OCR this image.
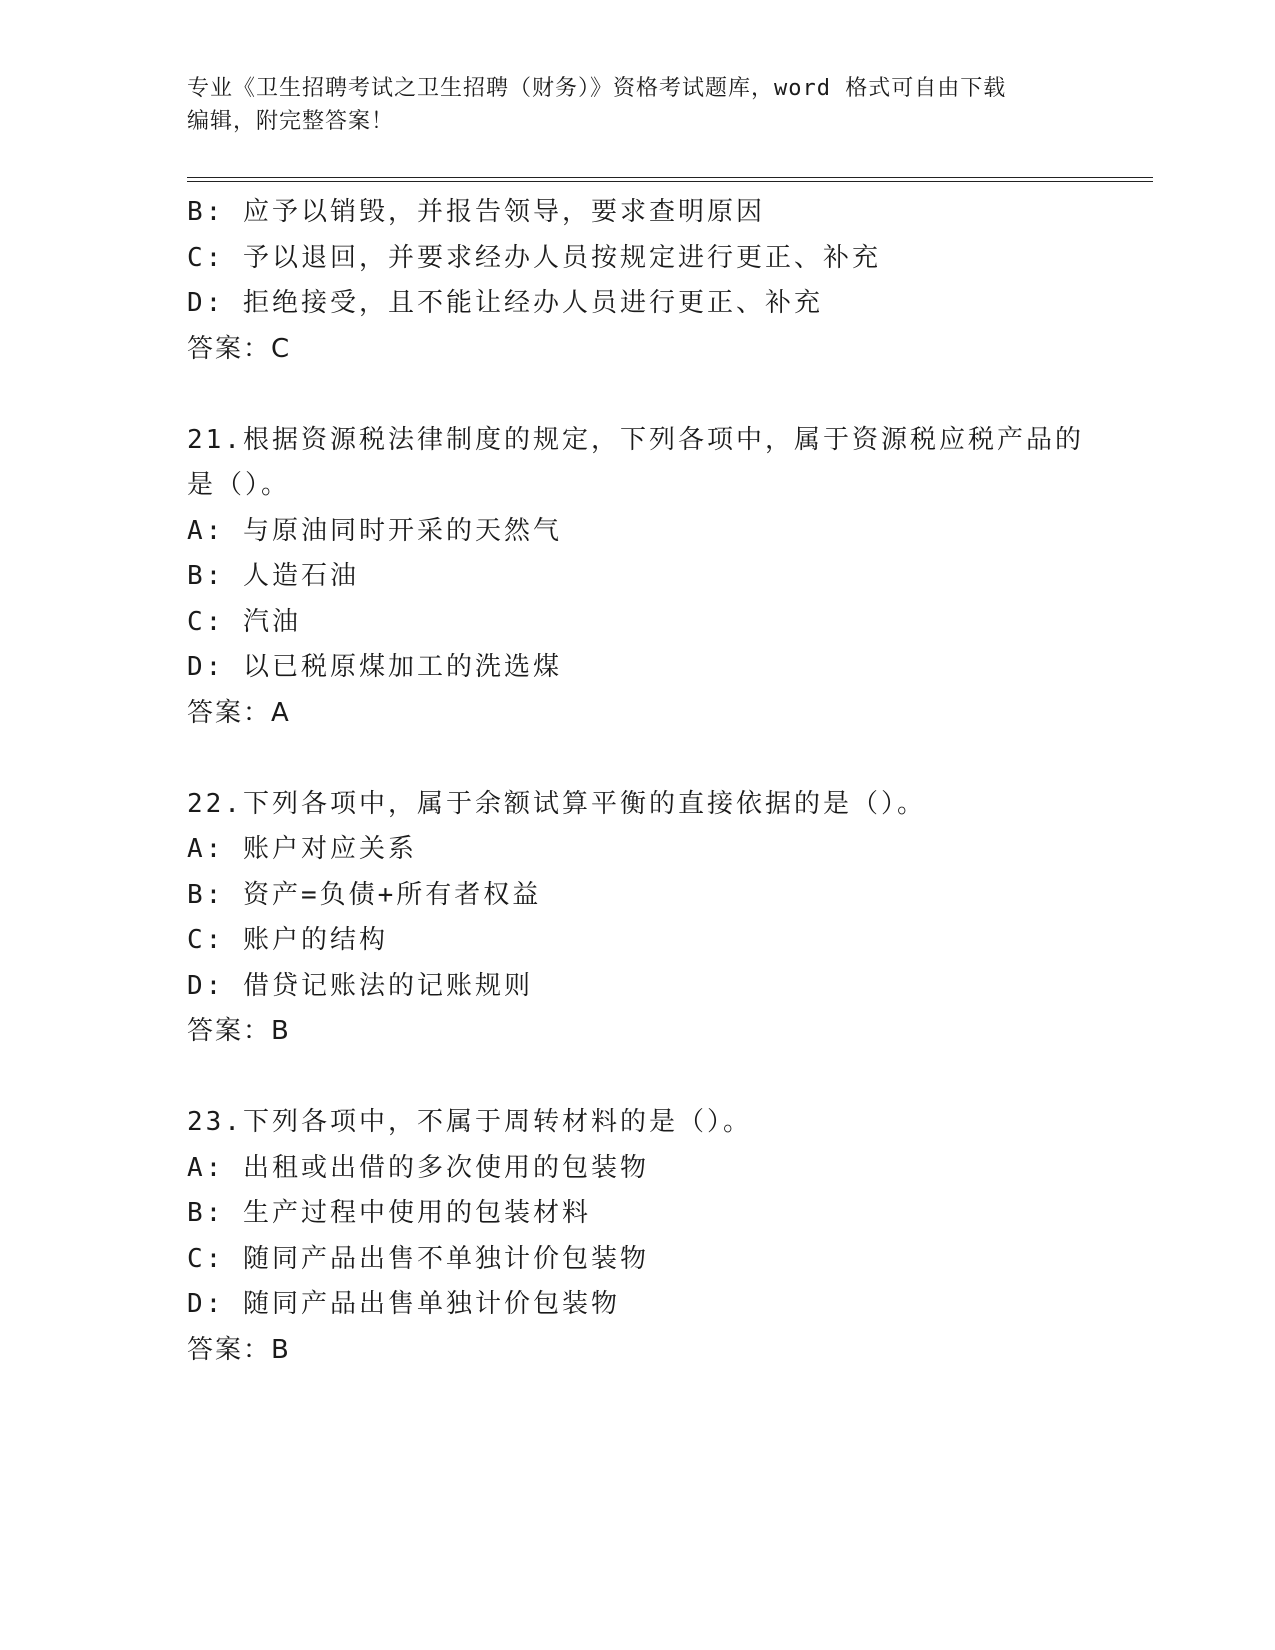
专业《卫生招聘考试之卫生招聘（财务）》资格考试题库，word 格式可自由下载
编辑，附完整答案！
B: 应予以销毁，并报告领导，要求查明原因
C: 予以退回，并要求经办人员按规定进行更正、补充
D: 拒绝接受，且不能让经办人员进行更正、补充
答案：C
21.根据资源税法律制度的规定，下列各项中，属于资源税应税产品的
是（）。
A: 与原油同时开采的天然气
B: 人造石油
C: 汽油
D: 以已税原煤加工的洗选煤
答案：A
22.下列各项中，属于余额试算平衡的直接依据的是（）。
A: 账户对应关系
B: 资产=负债+所有者权益
C: 账户的结构
D: 借贷记账法的记账规则
答案：B
23.下列各项中，不属于周转材料的是（）。
A: 出租或出借的多次使用的包装物
B: 生产过程中使用的包装材料
C: 随同产品出售不单独计价包装物
D: 随同产品出售单独计价包装物
答案：B
